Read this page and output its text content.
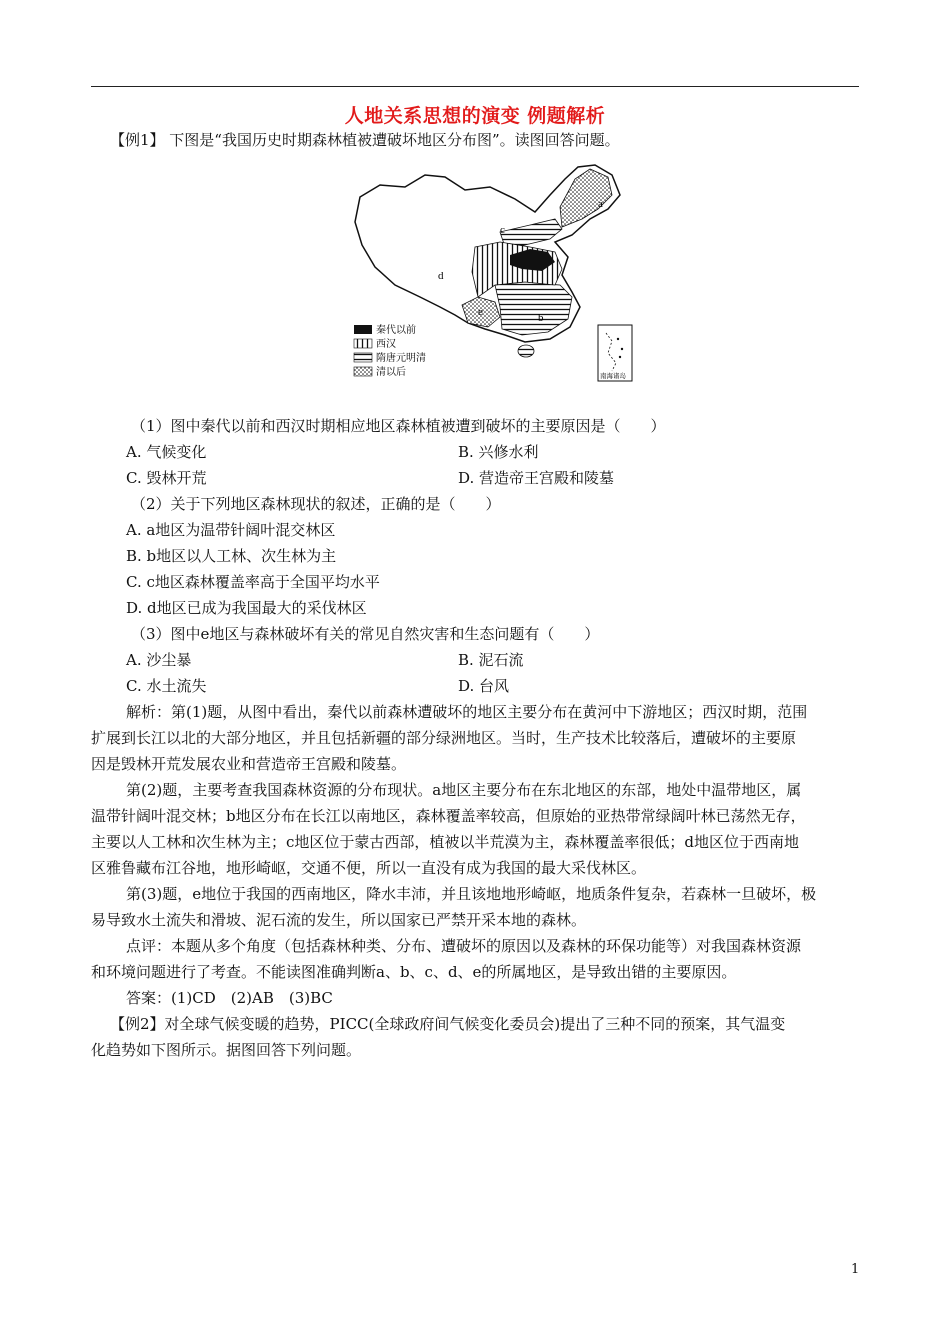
人地关系思想的演变 例题解析
【例1】 下图是“我国历史时期森林植被遭破坏地区分布图”。读图回答问题。
a
b
c
d
e
秦代以前
西汉
隋唐元明清
清以后	南海诸岛
（1）图中秦代以前和西汉时期相应地区森林植被遭到破坏的主要原因是（　　）
A. 气候变化	B. 兴修水利
C. 毁林开荒	D. 营造帝王宫殿和陵墓
（2）关于下列地区森林现状的叙述，正确的是（　　）
A. a地区为温带针阔叶混交林区
B. b地区以人工林、次生林为主
C. c地区森林覆盖率高于全国平均水平
D. d地区已成为我国最大的采伐林区
（3）图中e地区与森林破坏有关的常见自然灾害和生态问题有（　　）
A. 沙尘暴	B. 泥石流
C. 水土流失	D. 台风
解析：第(1)题，从图中看出，秦代以前森林遭破坏的地区主要分布在黄河中下游地区；西汉时期，范围
扩展到长江以北的大部分地区，并且包括新疆的部分绿洲地区。当时，生产技术比较落后，遭破坏的主要原
因是毁林开荒发展农业和营造帝王宫殿和陵墓。
第(2)题，主要考查我国森林资源的分布现状。a地区主要分布在东北地区的东部，地处中温带地区，属
温带针阔叶混交林；b地区分布在长江以南地区，森林覆盖率较高，但原始的亚热带常绿阔叶林已荡然无存，
主要以人工林和次生林为主；c地区位于蒙古西部，植被以半荒漠为主，森林覆盖率很低；d地区位于西南地
区雅鲁藏布江谷地，地形崎岖，交通不便，所以一直没有成为我国的最大采伐林区。
第(3)题，e地位于我国的西南地区，降水丰沛，并且该地地形崎岖，地质条件复杂，若森林一旦破坏，极
易导致水土流失和滑坡、泥石流的发生，所以国家已严禁开采本地的森林。
点评：本题从多个角度（包括森林种类、分布、遭破坏的原因以及森林的环保功能等）对我国森林资源
和环境问题进行了考查。不能读图准确判断a、b、c、d、e的所属地区，是导致出错的主要原因。
答案：(1)CD　(2)AB　(3)BC
【例2】对全球气候变暖的趋势，PICC(全球政府间气候变化委员会)提出了三种不同的预案，其气温变
化趋势如下图所示。据图回答下列问题。
1
